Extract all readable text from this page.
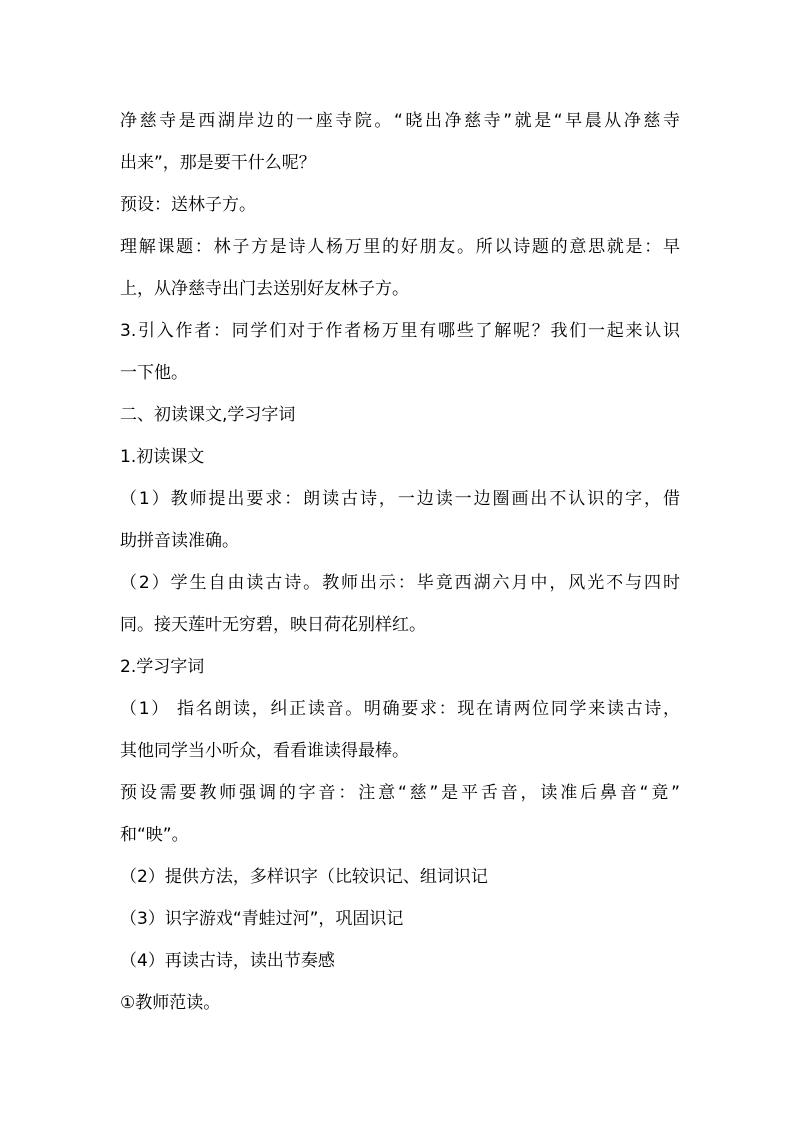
净慈寺是西湖岸边的一座寺院。“晓出净慈寺”就是“早晨从净慈寺
出来”，那是要干什么呢？
预设：送林子方。
理解课题：林子方是诗人杨万里的好朋友。所以诗题的意思就是：早
上，从净慈寺出门去送别好友林子方。
3.引入作者：同学们对于作者杨万里有哪些了解呢？我们一起来认识
一下他。
二、初读课文,学习字词
1.初读课文
（1）教师提出要求：朗读古诗，一边读一边圈画出不认识的字，借
助拼音读准确。
（2）学生自由读古诗。教师出示：毕竟西湖六月中，风光不与四时
同。接天莲叶无穷碧，映日荷花别样红。
2.学习字词
（1） 指名朗读，纠正读音。明确要求：现在请两位同学来读古诗，
其他同学当小听众，看看谁读得最棒。
预设需要教师强调的字音：注意“慈”是平舌音，读准后鼻音“竟”
和“映”。
（2）提供方法，多样识字（比较识记、组词识记
（3）识字游戏“青蛙过河”，巩固识记
（4）再读古诗，读出节奏感
①教师范读。
